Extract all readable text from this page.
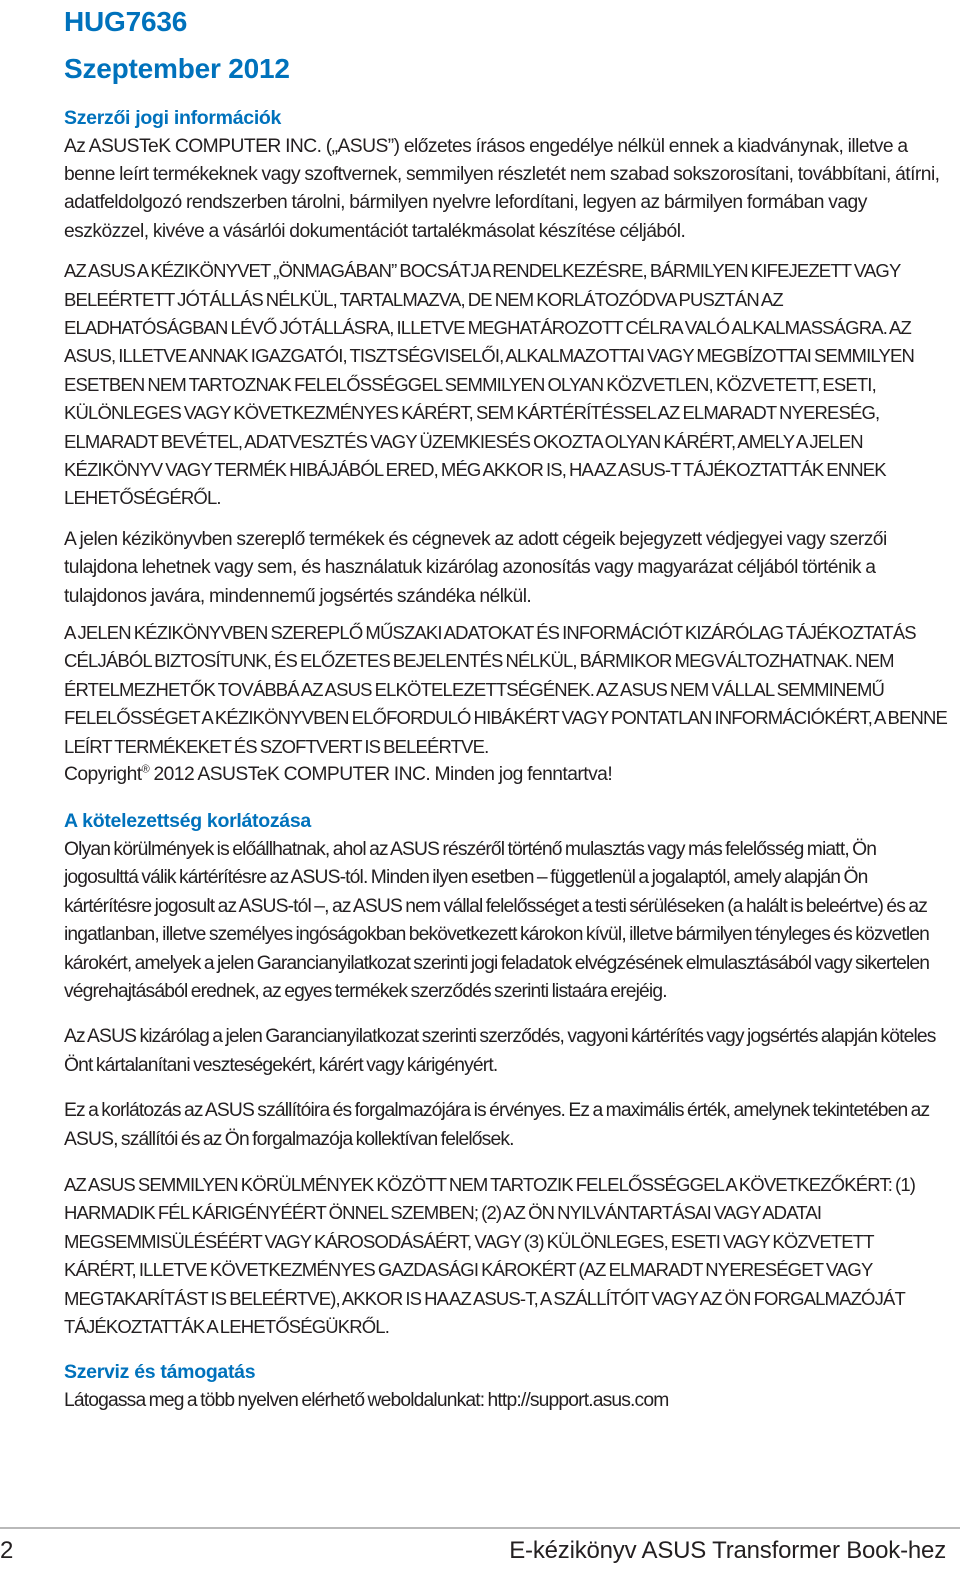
HUG7636
Szeptember 2012
Szerzői jogi információk

Az ASUSTeK COMPUTER INC. („ASUS”) előzetes írásos engedélye nélkül ennek a kiadványnak, illetve a benne leírt termékeknek vagy szoftvernek, semmilyen részletét nem szabad sokszorosítani, továbbítani, átírni, adatfeldolgozó rendszerben tárolni, bármilyen nyelvre lefordítani, legyen az bármilyen formában vagy eszközzel, kivéve a vásárlói dokumentációt tartalékmásolat készítése céljából.

AZ ASUS A KÉZIKÖNYVET „ÖNMAGÁBAN” BOCSÁTJA RENDELKEZÉSRE, BÁRMILYEN KIFEJEZETT VAGY BELEÉRTETT JÓTÁLLÁS NÉLKÜL, TARTALMAZVA, DE NEM KORLÁTOZÓDVA PUSZTÁN AZ ELADHATÓSÁGBAN LÉVŐ JÓTÁLLÁSRA, ILLETVE MEGHATÁROZOTT CÉLRA VALÓ ALKALMASSÁGRA. AZ ASUS, ILLETVE ANNAK IGAZGATÓI, TISZTSÉGVISELŐI, ALKALMAZOTTAI VAGY MEGBÍZOTTAI SEMMILYEN ESETBEN NEM TARTOZNAK FELELŐSSÉGGEL SEMMILYEN OLYAN KÖZVETLEN, KÖZVETETT, ESETI, KÜLÖNLEGES VAGY KÖVETKEZMÉNYES KÁRÉRT, SEM KÁRTÉRÍTÉSSEL AZ ELMARADT NYERESÉG, ELMARADT BEVÉTEL, ADATVESZTÉS VAGY ÜZEMKIESÉS OKOZTA OLYAN KÁRÉRT, AMELY A JELEN KÉZIKÖNYV VAGY TERMÉK HIBÁJÁBÓL ERED, MÉG AKKOR IS, HA AZ ASUS-T TÁJÉKOZTATTÁK ENNEK LEHETŐSÉGÉRŐL.

A jelen kézikönyvben szereplő termékek és cégnevek az adott cégeik bejegyzett védjegyei vagy szerzői tulajdona lehetnek vagy sem, és használatuk kizárólag azonosítás vagy magyarázat céljából történik a tulajdonos javára, mindennemű jogsértés szándéka nélkül.

A JELEN KÉZIKÖNYVBEN SZEREPLŐ MŰSZAKI ADATOKAT ÉS INFORMÁCIÓT KIZÁRÓLAG TÁJÉKOZTATÁS CÉLJÁBÓL BIZTOSÍTUNK, ÉS ELŐZETES BEJELENTÉS NÉLKÜL, BÁRMIKOR MEGVÁLTOZHATNAK. NEM ÉRTELMEZHETŐK TOVÁBBÁ AZ ASUS ELKÖTELEZETTSÉGÉNEK. AZ ASUS NEM VÁLLAL SEMMINEMŰ FELELŐSSÉGET A KÉZIKÖNYVBEN ELŐFORDULÓ HIBÁKÉRT VAGY PONTATLAN INFORMÁCIÓKÉRT, A BENNE LEÍRT TERMÉKEKET ÉS SZOFTVERT IS BELEÉRTVE.

Copyright® 2012 ASUSTeK COMPUTER INC. Minden jog fenntartva!

A kötelezettség korlátozása

Olyan körülmények is előállhatnak, ahol az ASUS részéről történő mulasztás vagy más felelősség miatt, Ön jogosulttá válik kártérítésre az ASUS-tól. Minden ilyen esetben – függetlenül a jogalaptól, amely alapján Ön kártérítésre jogosult az ASUS-tól –, az ASUS nem vállal felelősséget a testi sérüléseken (a halált is beleértve) és az ingatlanban, illetve személyes ingóságokban bekövetkezett károkon kívül, illetve bármilyen tényleges és közvetlen károkért, amelyek a jelen Garancianyilatkozat szerinti jogi feladatok elvégzésének elmulasztásából vagy sikertelen végrehajtásából erednek, az egyes termékek szerződés szerinti listaára erejéig.

Az ASUS kizárólag a jelen Garancianyilatkozat szerinti szerződés, vagyoni kártérítés vagy jogsértés alapján köteles Önt kártalanítani veszteségekért, kárért vagy kárigényért.

Ez a korlátozás az ASUS szállítóira és forgalmazójára is érvényes. Ez a maximális érték, amelynek tekintetében az ASUS, szállítói és az Ön forgalmazója kollektívan felelősek.

AZ ASUS SEMMILYEN KÖRÜLMÉNYEK KÖZÖTT NEM TARTOZIK FELELŐSSÉGGEL A KÖVETKEZŐKÉRT: (1) HARMADIK FÉL KÁRIGÉNYÉÉRT ÖNNEL SZEMBEN; (2) AZ ÖN NYILVÁNTARTÁSAI VAGY ADATAI MEGSEMMISÜLÉSÉÉRT VAGY KÁROSODÁSÁÉRT, VAGY (3) KÜLÖNLEGES, ESETI VAGY KÖZVETETT KÁRÉRT, ILLETVE KÖVETKEZMÉNYES GAZDASÁGI KÁROKÉRT (AZ ELMARADT NYERESÉGET VAGY MEGTAKARÍTÁST IS BELEÉRTVE), AKKOR IS HA AZ ASUS-T, A SZÁLLÍTÓIT VAGY AZ ÖN FORGALMAZÓJÁT TÁJÉKOZTATTÁK A LEHETŐSÉGÜKRŐL.

Szerviz és támogatás

Látogassa meg a több nyelven elérhető weboldalunkat: http://support.asus.com

2	E-kézikönyv ASUS Transformer Book-hez
